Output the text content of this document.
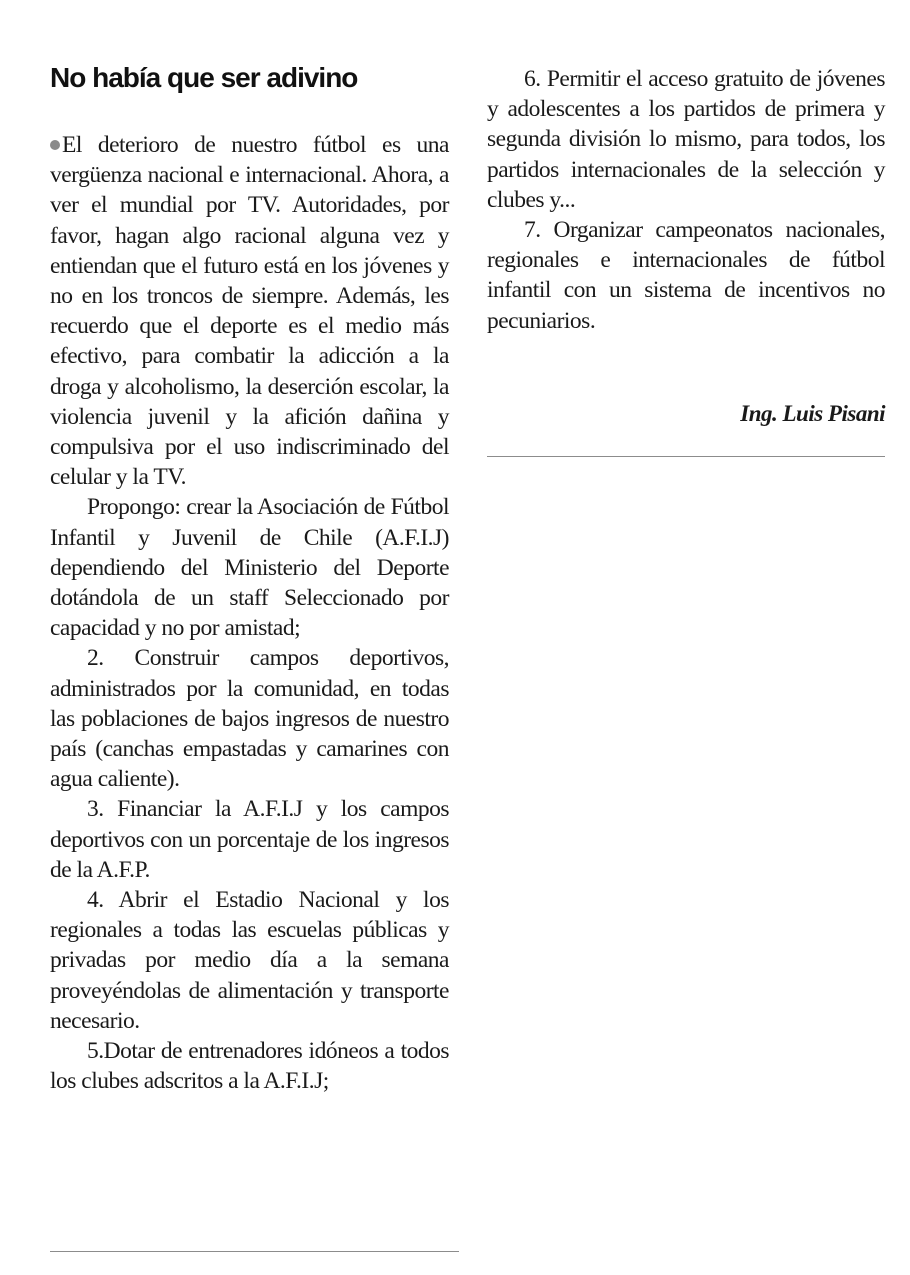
No había que ser adivino

El deterioro de nuestro fútbol es una vergüenza nacional e internacional. Ahora, a ver el mundial por TV. Autoridades, por favor, hagan algo racional alguna vez y entiendan que el futuro está en los jóvenes y no en los troncos de siempre. Además, les recuerdo que el deporte es el medio más efectivo, para combatir la adicción a la droga y alcoholismo, la deserción escolar, la violencia juvenil y la afición dañina y compulsiva por el uso indiscriminado del celular y la TV.

Propongo: crear la Asociación de Fútbol Infantil y Juvenil de Chile (A.F.I.J) dependiendo del Ministerio del Deporte dotándola de un staff Seleccionado por capacidad y no por amistad;

2. Construir campos deportivos, administrados por la comunidad, en todas las poblaciones de bajos ingresos de nuestro país (canchas empastadas y camarines con agua caliente).

3. Financiar la A.F.I.J y los campos deportivos con un porcentaje de los ingresos de la A.F.P.

4. Abrir el Estadio Nacional y los regionales a todas las escuelas públicas y privadas por medio día a la semana proveyéndolas de alimentación y transporte necesario.

5.Dotar de entrenadores idóneos a todos los clubes adscritos a la A.F.I.J;

6. Permitir el acceso gratuito de jóvenes y adolescentes a los partidos de primera y segunda división lo mismo, para todos, los partidos internacionales de la selección y clubes y...

7. Organizar campeonatos nacionales, regionales e internacionales de fútbol infantil con un sistema de incentivos no pecuniarios.

Ing. Luis Pisani
